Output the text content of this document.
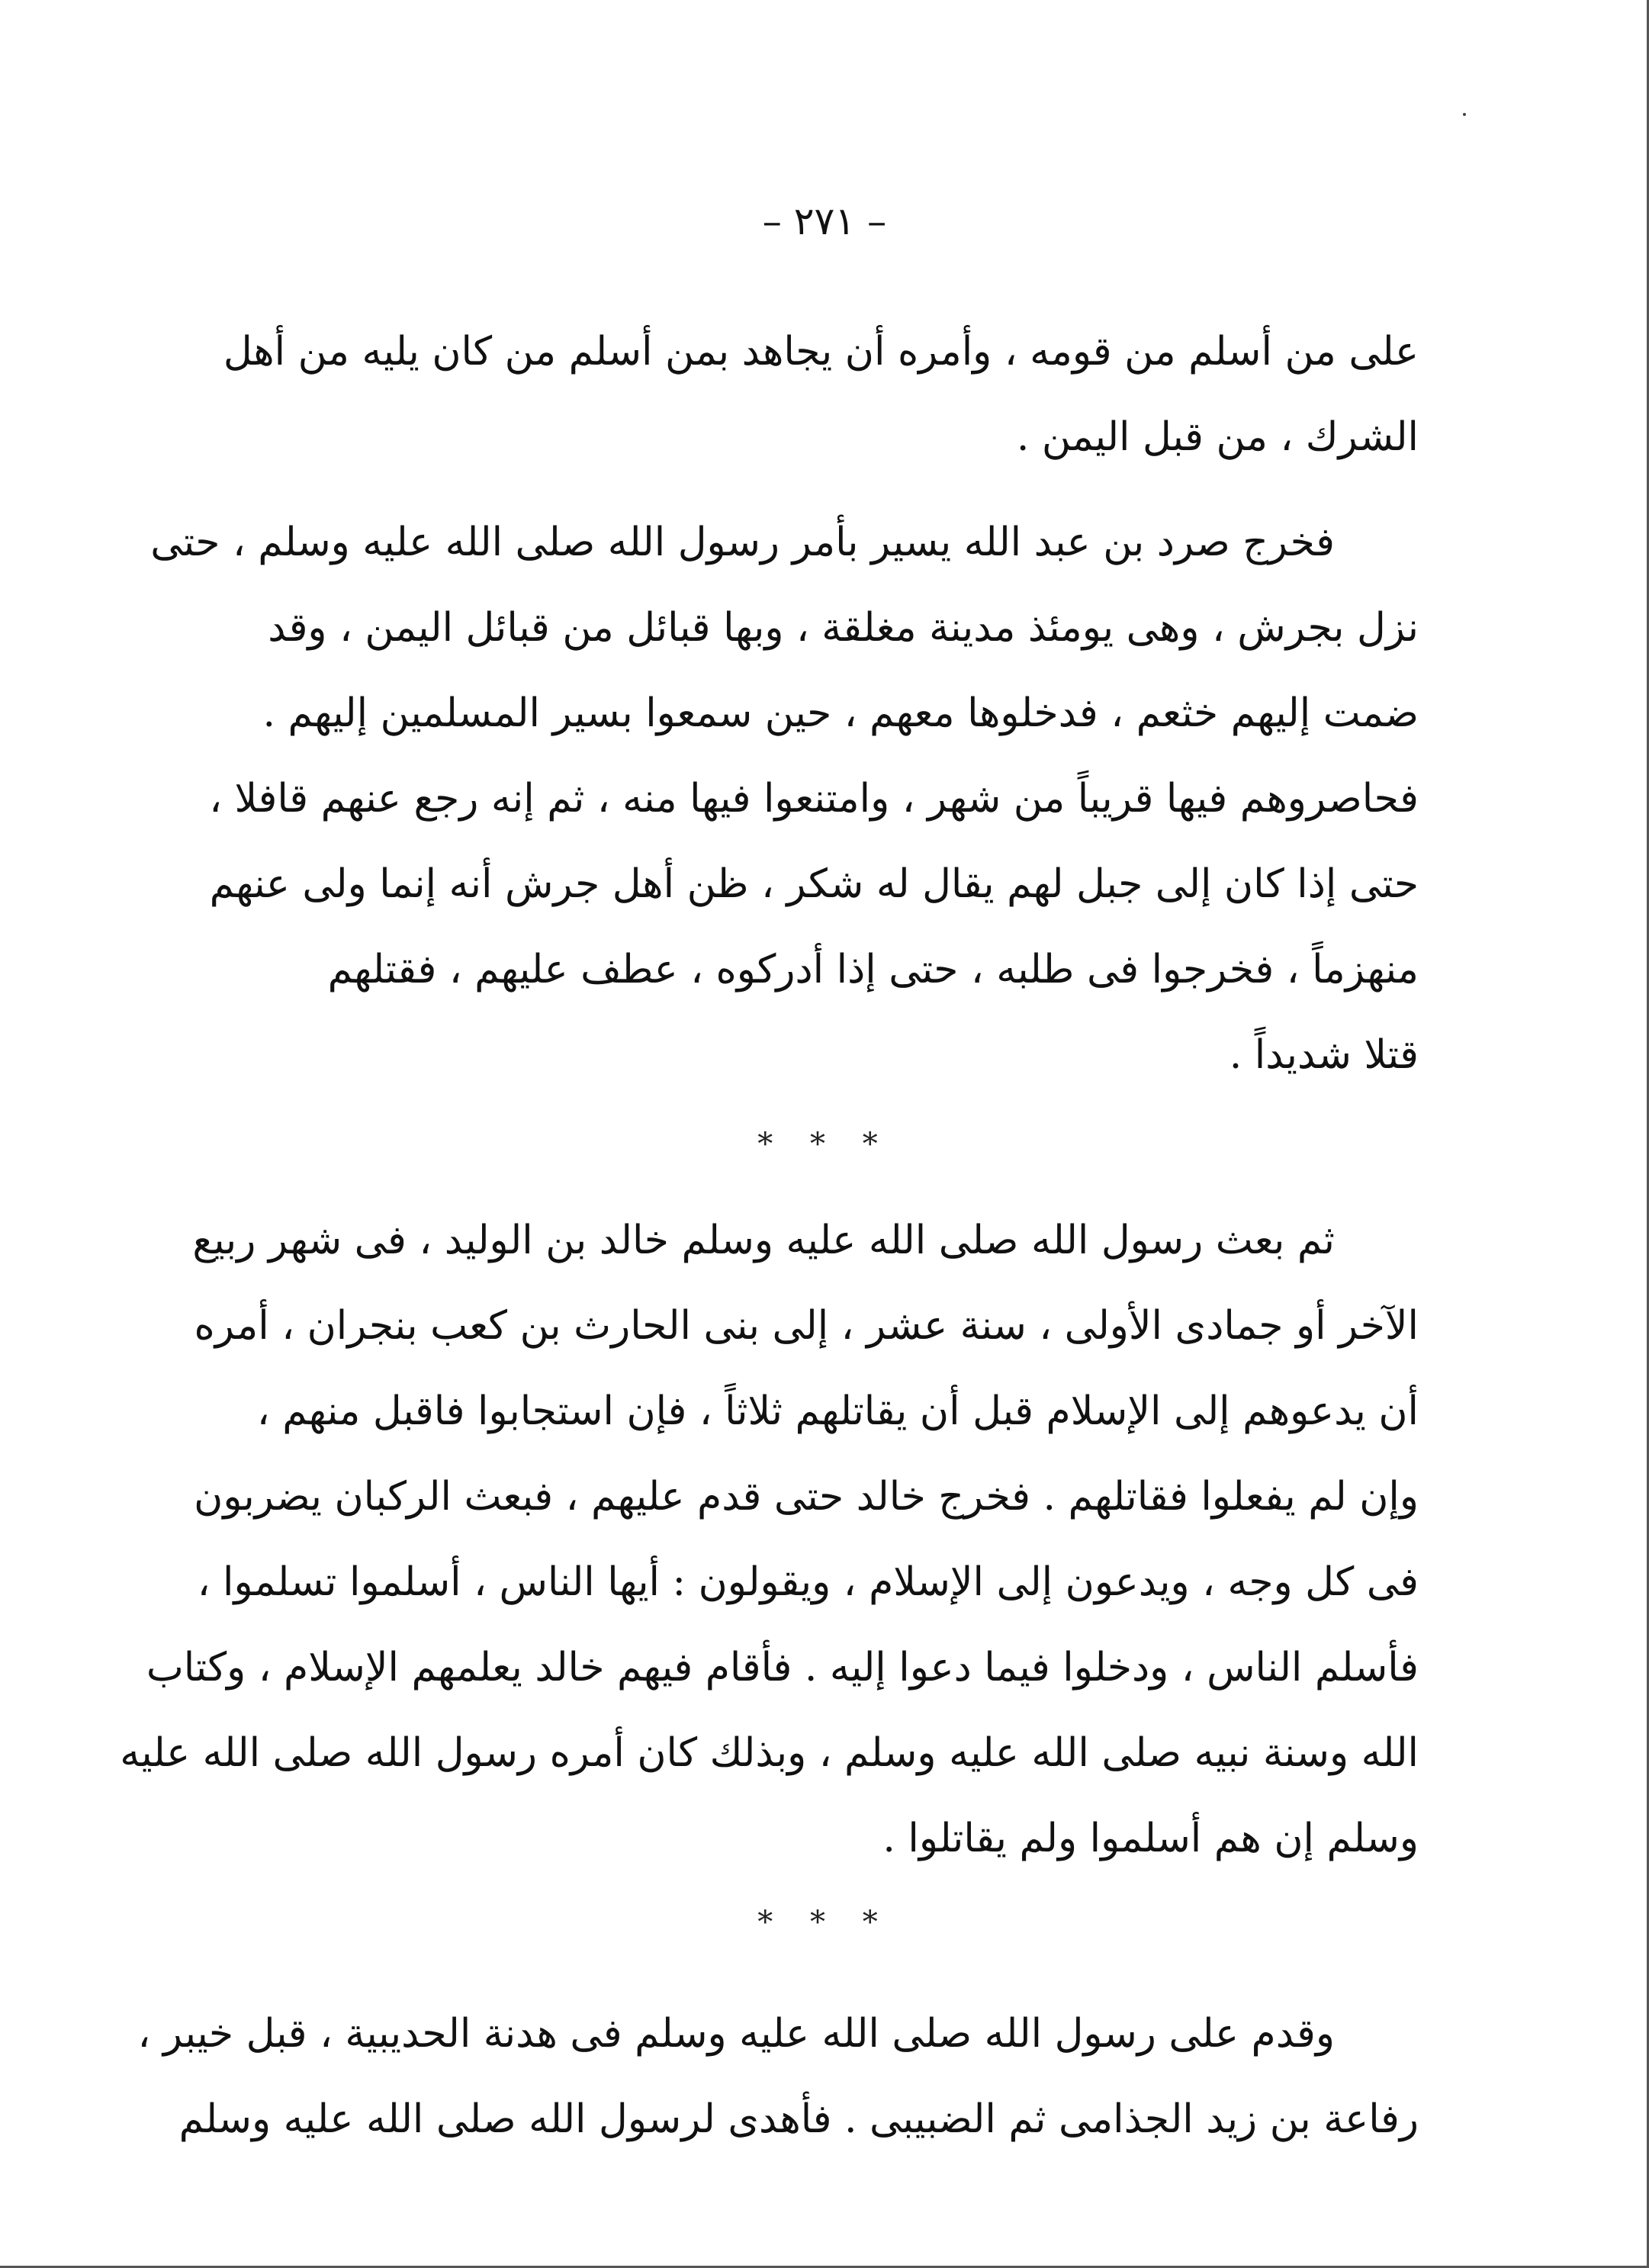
– ٢٧١ –
على من أسلم من قومه ، وأمره أن يجاهد بمن أسلم من كان يليه من أهل
الشرك ، من قبل اليمن .
فخرج صرد بن عبد الله يسير بأمر رسول الله صلى الله عليه وسلم ، حتى
نزل بجرش ، وهى يومئذ مدينة مغلقة ، وبها قبائل من قبائل اليمن ، وقد
ضمت إليهم خثعم ، فدخلوها معهم ، حين سمعوا بسير المسلمين إليهم .
فحاصروهم فيها قريباً من شهر ، وامتنعوا فيها منه ، ثم إنه رجع عنهم قافلا ،
حتى إذا كان إلى جبل لهم يقال له شكر ، ظن أهل جرش أنه إنما ولى عنهم
منهزماً ، فخرجوا فى طلبه ، حتى إذا أدركوه ، عطف عليهم ، فقتلهم
قتلا شديداً .
* * *
ثم بعث رسول الله صلى الله عليه وسلم خالد بن الوليد ، فى شهر ربيع
الآخر أو جمادى الأولى ، سنة عشر ، إلى بنى الحارث بن كعب بنجران ، أمره
أن يدعوهم إلى الإسلام قبل أن يقاتلهم ثلاثاً ، فإن استجابوا فاقبل منهم ،
وإن لم يفعلوا فقاتلهم . فخرج خالد حتى قدم عليهم ، فبعث الركبان يضربون
فى كل وجه ، ويدعون إلى الإسلام ، ويقولون : أيها الناس ، أسلموا تسلموا ،
فأسلم الناس ، ودخلوا فيما دعوا إليه . فأقام فيهم خالد يعلمهم الإسلام ، وكتاب
الله وسنة نبيه صلى الله عليه وسلم ، وبذلك كان أمره رسول الله صلى الله عليه
وسلم إن هم أسلموا ولم يقاتلوا .
* * *
وقدم على رسول الله صلى الله عليه وسلم فى هدنة الحديبية ، قبل خيبر ،
رفاعة بن زيد الجذامى ثم الضبيبى . فأهدى لرسول الله صلى الله عليه وسلم
